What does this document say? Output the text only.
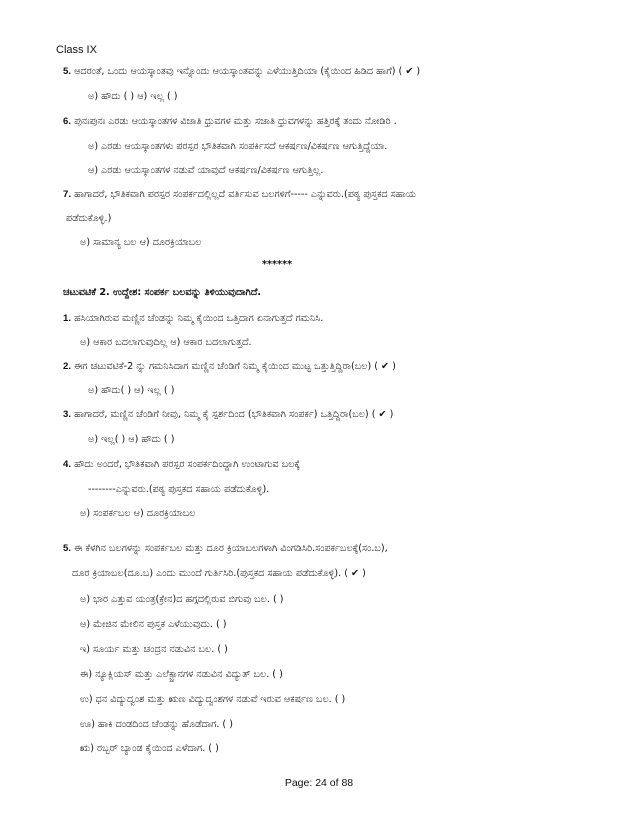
Class IX
5. ಆದರಂತೆ, ಒಂದು ಆಯಸ್ಕಾಂತವು ಇನ್ನೊಂದು ಆಯಸ್ಕಾಂತವನ್ನು ಎಳೆಯುತ್ತಿದಿಯಾ (ಕೈಯಿಂದ ಹಿಡಿದ ಹಾಗೆ) ( ✔ )
ಅ) ಹೌದು ( ) ಆ) ಇಲ್ಲ ( )
6. ಪುನಃಪುನಃ ಎರಡು ಆಯಸ್ಕಾಂತಗಳ ವಿಜಾತಿ ಧ್ರುವಗಳ ಮತ್ತು ಸಜಾತಿ ಧ್ರುವಗಳನ್ನು ಹತ್ತಿರಕ್ಕೆ ತಂದು ನೋಡಿರಿ .
ಅ) ಎರಡು ಆಯಸ್ಕಾಂತಗಳು ಪರಸ್ಪರ ಭೌತಿಕವಾಗಿ ಸಂಪರ್ಕಿಸದೆ ಆಕರ್ಷಣ/ವಿಕರ್ಷಣ ಆಗುತ್ತಿದ್ದೆಯಾ.
ಆ) ಎರಡು ಆಯಸ್ಕಾಂತಗಳ ನಡುವೆ ಯಾವುದೆ ಆಕರ್ಷಣ/ವಿಕರ್ಷಣ ಆಗುತ್ತಿಲ್ಲ.
7. ಹಾಗಾದರೆ, ಭೌತಿಕವಾಗಿ ಪರಸ್ಪರ ಸಂಪರ್ಕದಲ್ಲಿಲ್ಲದೆ ವರ್ತಿಸುವ ಬಲಗಳಿಗೆ----- ಎನ್ನುವರು.(ಪಠ್ಯ ಪುಸ್ತಕದ ಸಹಾಯ
ಪಡೆದುಕೊಳ್ಳಿ.)
ಅ) ಸಾಮಾನ್ಯ ಬಲ ಆ) ದೂರಕ್ರಿಯಾಬಲ
******
ಚಟುವಟಿಕೆ 2. ಉದ್ದೇಶ: ಸಂಪರ್ಕ ಬಲವನ್ನು ತಿಳಿಯುವುದಾಗಿದೆ.
1. ಹಸಿಯಾಗಿರುವ ಮಣ್ಣಿನ ಚೆಂಡನ್ನು ನಿಮ್ಮ ಕೈಯಿಂದ ಒತ್ತಿದಾಗ ಏನಾಗುತ್ತದೆ ಗಮನಿಸಿ.
ಅ) ಆಕಾರ ಬದಲಾಗುವುದಿಲ್ಲ ಆ) ಆಕಾರ ಬದಲಾಗುತ್ತದೆ.
2. ಈಗ ಚಟುವಟಿಕೆ-2 ನ್ನು ಗಮನಿಸಿದಾಗ ಮಣ್ಣಿನ ಚೆಂಡಿಗೆ ನಿಮ್ಮ ಕೈಯಿಂದ ಮುಟ್ಟ ಒತ್ತುತ್ತಿದ್ದಿರಾ(ಬಲ) ( ✔ )
ಅ) ಹೌದು( ) ಆ) ಇಲ್ಲ ( )
3. ಹಾಗಾದರೆ, ಮಣ್ಣಿನ ಚೆಂಡಿಗೆ ನೀವು, ನಿಮ್ಮ ಕೈ ಸ್ಪರ್ಶದಿಂದ (ಭೌತಿಕವಾಗಿ ಸಂಪರ್ಕ) ಒತ್ತಿದ್ದಿರಾ(ಬಲ) ( ✔ )
ಅ) ಇಲ್ಲ( ) ಆ) ಹೌದು ( )
4. ಹೌದು ಅಂದರೆ, ಭೌತಿಕವಾಗಿ ಪರಸ್ಪರ ಸಂಪರ್ಕದಿಂದ್ದಾಗಿ ಉಂಟಾಗುವ ಬಲಕ್ಕೆ
--------ಎನ್ನುವರು.(ಪಠ್ಯ ಪುಸ್ತಕದ ಸಹಾಯ ಪಡೆದುಕೊಳ್ಳಿ).
ಅ) ಸಂಪರ್ಕಬಲ ಆ) ದೂರಕ್ರಿಯಾಬಲ
5. ಈ ಕೆಳಗಿನ ಬಲಗಳನ್ನು ಸಂಪರ್ಕಬಲ ಮತ್ತು ದೂರ ಕ್ರಿಯಾಬಲಗಳಾಗಿ ವಿಂಗಡಿಸಿರಿ.ಸಂಪರ್ಕಬಲಕ್ಕೆ(ಸಂ.ಬ),
ದೂರ ಕ್ರಿಯಾಬಲ(ದೂ.ಬ) ಎಂದು ಮುಂದೆ ಗುರ್ತಿಸಿರಿ.(ಪುಸ್ತಕದ ಸಹಾಯ ಪಡೆದುಕೊಳ್ಳಿ). ( ✔ )
ಅ) ಭಾರ ಎತ್ತುವ ಯಂತ್ರ(ಕ್ರೇನ)ದ ಹಗ್ಗದಲ್ಲಿರುವ ಬಿಗುವು ಬಲ. ( )
ಆ) ಮೇಜಿನ ಮೇಲಿನ ಪುಸ್ತಕ ಎಳೆಯುವುದು. ( )
ಇ) ಸೂರ್ಯ ಮತ್ತು ಚಂದ್ರನ ನಡುವಿನ ಬಲ. ( )
ಈ) ನ್ಯೂಕ್ಲಿಯಸ್ ಮತ್ತು ಎಲೆಕ್ಟ್ರಾನಗಳ ನಡುವಿನ ವಿದ್ಯುತ್ ಬಲ. ( )
ಉ) ಧನ ವಿದ್ಯುದ್ವಂಶ ಮತ್ತು ಋಣ ವಿದ್ಯುದ್ವಂಶಗಳ ನಡುವೆ ಇರುವ ಆಕರ್ಷಣ ಬಲ. ( )
ಊ) ಹಾಕಿ ದಂಡದಿಂದ ಚೆಂಡನ್ನು ಹೊಡೆದಾಗ. ( )
ಋ) ರಬ್ಬರ್ ಬ್ಯಾಂಡ ಕೈಯಿಂದ ಎಳೆದಾಗ. ( )
Page: 24 of 88
